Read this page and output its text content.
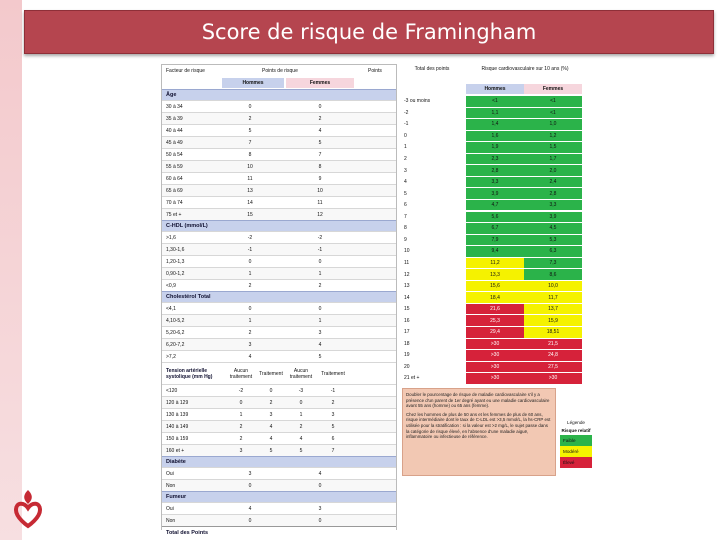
Score de risque de Framingham
Facteur de risque	Points de risque	Points
Hommes	Femmes
Âge
30 à 34	0	0
35 à 39	2	2
40 à 44	5	4
45 à 49	7	5
50 à 54	8	7
55 à 59	10	8
60 à 64	11	9
65 à 69	13	10
70 à 74	14	11
75 et +	15	12
C-HDL (mmol/L)
>1,6	-2	-2
1,30-1,6	-1	-1
1,20-1,3	0	0
0,90-1,2	1	1
<0,9	2	2
Cholestérol Total
<4,1	0	0
4,10-5,2	1	1
5,20-6,2	2	3
6,20-7,2	3	4
>7,2	4	5
Tension artérielle systolique (mm Hg)
Aucun traitement	Traitement	Aucun traitement	Traitement
<120	-2	0	-3	-1
120 à 129	0	2	0	2
130 à 139	1	3	1	3
140 à 149	2	4	2	5
150 à 159	2	4	4	6
160 et +	3	5	5	7
Diabète
Oui	3	4
Non	0	0
Fumeur
Oui	4	3
Non	0	0
Total des Points
Total des points	Risque cardiovasculaire sur 10 ans (%)
Hommes	Femmes
-3 ou moins	<1	<1
-2	1,1	<1
-1	1,4	1,0
0	1,6	1,2
1	1,9	1,5
2	2,3	1,7
3	2,8	2,0
4	3,3	2,4
5	3,9	2,8
6	4,7	3,3
7	5,6	3,9
8	6,7	4,5
9	7,9	5,3
10	9,4	6,3
11	11,2	7,3
12	13,3	8,6
13	15,6	10,0
14	18,4	11,7
15	21,6	13,7
16	25,3	15,9
17	29,4	18,51
18	>30	21,5
19	>30	24,8
20	>30	27,5
21 et +	>30	>30

Doubler le pourcentage de risque de maladie cardiovasculaire s'il y a présence d'un parent de 1er degré ayant eu une maladie cardiovasculaire avant 55 ans (homme) ou 65 ans (femme).

Chez les hommes de plus de 50 ans et les femmes de plus de 60 ans, risque intermédiaire dont le taux de C-LDL est >3,5 mmol/L, la hs-CRP est utilisée pour la stratification : si la valeur est >2 mg/L, le sujet passe dans la catégorie de risque élevé, en l'absence d'une maladie aiguë, inflammatoire ou infectieuse de référence.

Légende
Risque relatif
Faible
Modéré
Élevé
